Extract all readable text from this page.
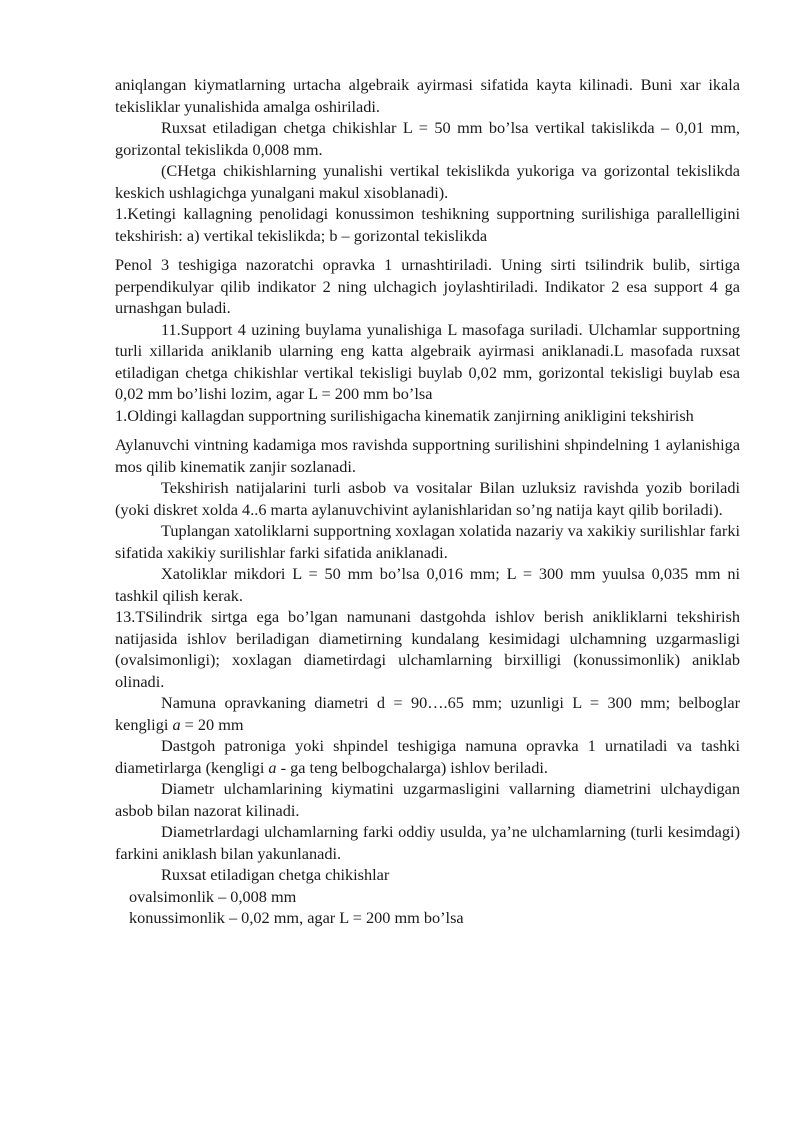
aniqlangan kiymatlarning urtacha algebraik ayirmasi sifatida kayta kilinadi. Buni xar ikala tekisliklar yunalishida amalga oshiriladi.

Ruxsat etiladigan chetga chikishlar L = 50 mm bo’lsa vertikal takislikda – 0,01 mm, gorizontal tekislikda 0,008 mm.

(CHetga chikishlarning yunalishi vertikal tekislikda yukoriga va gorizontal tekislikda keskich ushlagichga yunalgani makul xisoblanadi).

1.Ketingi kallagning penolidagi konussimon teshikning supportning surilishiga parallelligini tekshirish: a) vertikal tekislikda; b – gorizontal tekislikda

Penol 3 teshigiga nazoratchi opravka 1 urnashtiriladi. Uning sirti tsilindrik bulib, sirtiga perpendikulyar qilib indikator 2 ning ulchagich joylashtiriladi. Indikator 2 esa support 4 ga urnashgan buladi.

11.Support 4 uzining buylama yunalishiga L masofaga suriladi. Ulchamlar supportning turli xillarida aniklanib ularning eng katta algebraik ayirmasi aniklanadi.L masofada ruxsat etiladigan chetga chikishlar vertikal tekisligi buylab 0,02 mm, gorizontal tekisligi buylab esa 0,02 mm bo’lishi lozim, agar L = 200 mm bo’lsa

1.Oldingi kallagdan supportning surilishigacha kinematik zanjirning anikligini tekshirish

Aylanuvchi vintning kadamiga mos ravishda supportning surilishini shpindelning 1 aylanishiga mos qilib kinematik zanjir sozlanadi.

Tekshirish natijalarini turli asbob va vositalar Bilan uzluksiz ravishda yozib boriladi (yoki diskret xolda 4..6 marta aylanuvchivint aylanishlaridan so’ng natija kayt qilib boriladi).

Tuplangan xatoliklarni supportning xoxlagan xolatida nazariy va xakikiy surilishlar farki sifatida xakikiy surilishlar farki sifatida aniklanadi.

Xatoliklar mikdori L = 50 mm bo’lsa 0,016 mm; L = 300 mm yuulsa 0,035 mm ni tashkil qilish kerak.

13.TSilindrik sirtga ega bo’lgan namunani dastgohda ishlov berish anikliklarni tekshirish natijasida ishlov beriladigan diametirning kundalang kesimidagi ulchamning uzgarmasligi (ovalsimonligi); xoxlagan diametirdagi ulchamlarning birxilligi (konussimonlik) aniklab olinadi.

Namuna opravkaning diametri d = 90….65 mm; uzunligi L = 300 mm; belboglar kengligi a = 20 mm

Dastgoh patroniga yoki shpindel teshigiga namuna opravka 1 urnatiladi va tashki diametirlarga (kengligi a - ga teng belbogchalarga) ishlov beriladi.

Diametr ulchamlarining kiymatini uzgarmasligini vallarning diametrini ulchaydigan asbob bilan nazorat kilinadi.

Diametrlardagi ulchamlarning farki oddiy usulda, ya’ne ulchamlarning (turli kesimdagi) farkini aniklash bilan yakunlanadi.

Ruxsat etiladigan chetga chikishlar

ovalsimonlik – 0,008 mm

konussimonlik – 0,02 mm, agar L = 200 mm bo’lsa
